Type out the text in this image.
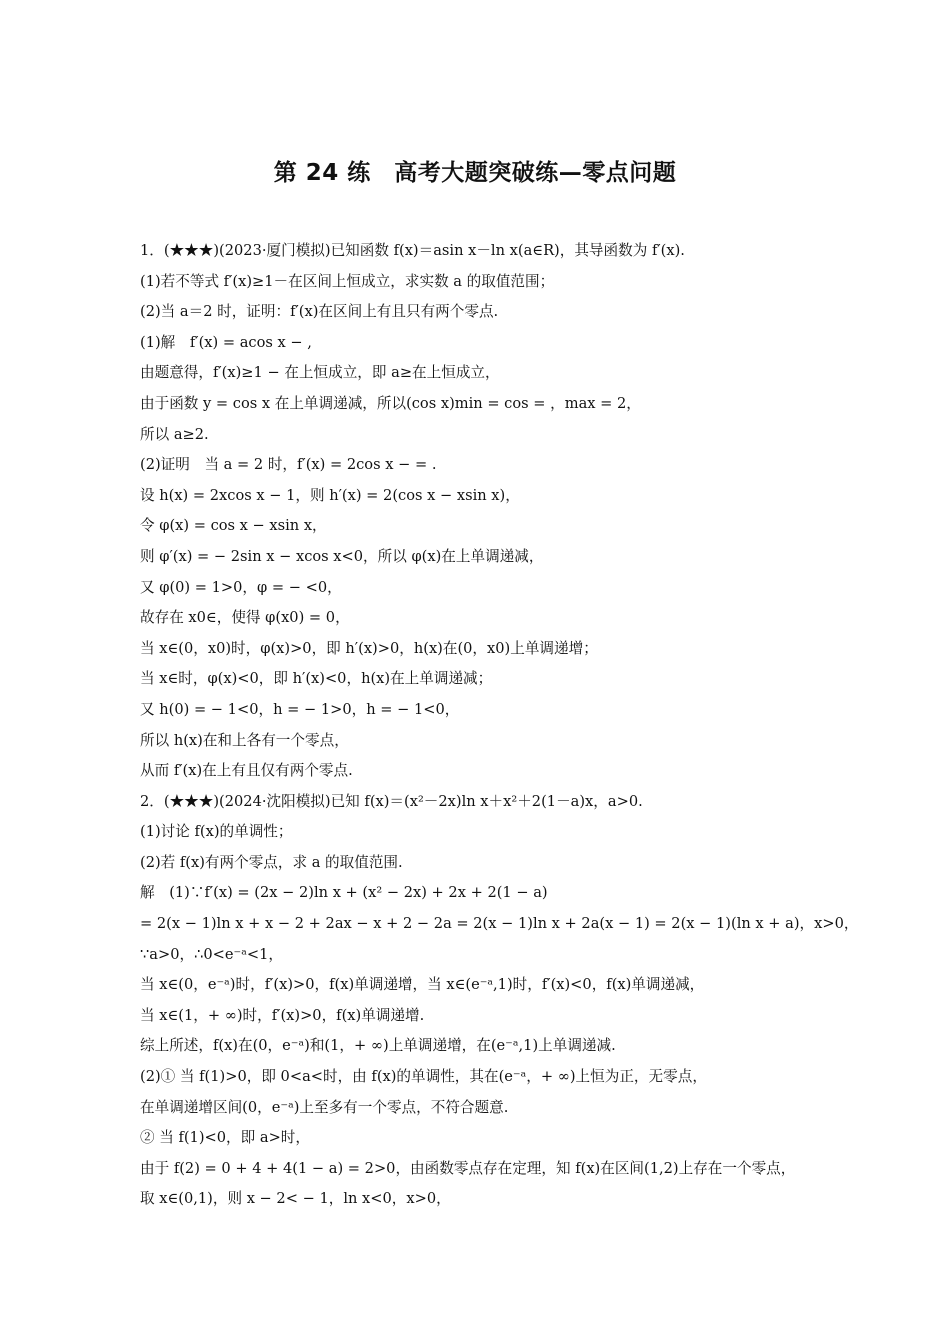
第 24 练　高考大题突破练—零点问题
1．(★★★)(2023·厦门模拟)已知函数 f(x)＝asin x－ln x(a∈R)，其导函数为 f′(x).
(1)若不等式 f′(x)≥1－在区间上恒成立，求实数 a 的取值范围；
(2)当 a＝2 时，证明：f′(x)在区间上有且只有两个零点.
(1)解　f′(x) = acos x − ,
由题意得，f′(x)≥1 − 在上恒成立，即 a≥在上恒成立，
由于函数 y = cos x 在上单调递减，所以(cos x)min = cos = ，max = 2，
所以 a≥2.
(2)证明　当 a = 2 时，f′(x) = 2cos x − = .
设 h(x) = 2xcos x − 1，则 h′(x) = 2(cos x − xsin x)，
令 φ(x) = cos x − xsin x，
则 φ′(x) = − 2sin x − xcos x<0，所以 φ(x)在上单调递减，
又 φ(0) = 1>0，φ = − <0，
故存在 x0∈，使得 φ(x0) = 0，
当 x∈(0，x0)时，φ(x)>0，即 h′(x)>0，h(x)在(0，x0)上单调递增；
当 x∈时，φ(x)<0，即 h′(x)<0，h(x)在上单调递减；
又 h(0) = − 1<0，h = − 1>0，h = − 1<0，
所以 h(x)在和上各有一个零点，
从而 f′(x)在上有且仅有两个零点.
2．(★★★)(2024·沈阳模拟)已知 f(x)＝(x²－2x)ln x＋x²＋2(1－a)x，a>0.
(1)讨论 f(x)的单调性；
(2)若 f(x)有两个零点，求 a 的取值范围.
解　(1)∵f′(x) = (2x − 2)ln x + (x² − 2x) + 2x + 2(1 − a)
= 2(x − 1)ln x + x − 2 + 2ax − x + 2 − 2a = 2(x − 1)ln x + 2a(x − 1) = 2(x − 1)(ln x + a)，x>0，
∵a>0，∴0<e⁻ᵃ<1，
当 x∈(0，e⁻ᵃ)时，f′(x)>0，f(x)单调递增，当 x∈(e⁻ᵃ,1)时，f′(x)<0，f(x)单调递减，
当 x∈(1，+ ∞)时，f′(x)>0，f(x)单调递增.
综上所述，f(x)在(0，e⁻ᵃ)和(1，+ ∞)上单调递增，在(e⁻ᵃ,1)上单调递减.
(2)① 当 f(1)>0，即 0<a<时，由 f(x)的单调性，其在(e⁻ᵃ，+ ∞)上恒为正，无零点，
在单调递增区间(0，e⁻ᵃ)上至多有一个零点，不符合题意.
② 当 f(1)<0，即 a>时，
由于 f(2) = 0 + 4 + 4(1 − a) = 2>0，由函数零点存在定理，知 f(x)在区间(1,2)上存在一个零点，
取 x∈(0,1)，则 x − 2< − 1，ln x<0，x>0，
